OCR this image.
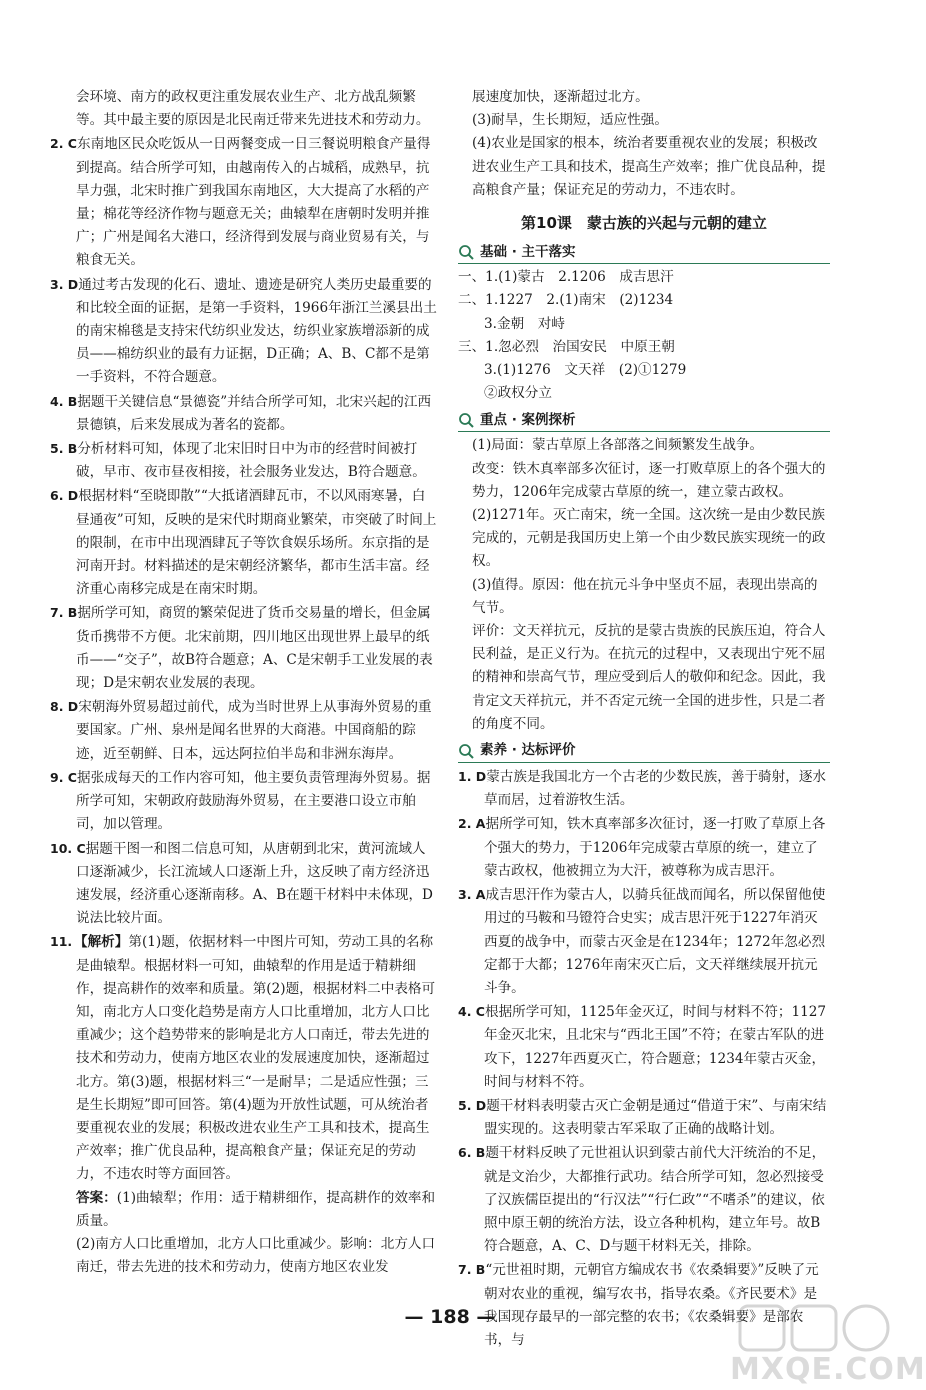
会环境、南方的政权更注重发展农业生产、北方战乱频繁等。其中最主要的原因是北民南迁带来先进技术和劳动力。

2. C东南地区民众吃饭从一日两餐变成一日三餐说明粮食产量得到提高。结合所学可知，由越南传入的占城稻，成熟早，抗旱力强，北宋时推广到我国东南地区，大大提高了水稻的产量；棉花等经济作物与题意无关；曲辕犁在唐朝时发明并推广；广州是闻名大港口，经济得到发展与商业贸易有关，与粮食无关。

3. D通过考古发现的化石、遗址、遗迹是研究人类历史最重要的和比较全面的证据，是第一手资料，1966年浙江兰溪县出土的南宋棉毯是支持宋代纺织业发达，纺织业家族增添新的成员——棉纺织业的最有力证据，D正确；A、B、C都不是第一手资料，不符合题意。

4. B据题干关键信息“景德瓷”并结合所学可知，北宋兴起的江西景德镇，后来发展成为著名的瓷都。

5. B分析材料可知，体现了北宋旧时日中为市的经营时间被打破，早市、夜市昼夜相接，社会服务业发达，B符合题意。

6. D根据材料“至晓即散”“大抵诸酒肆瓦市，不以风雨寒暑，白昼通夜”可知，反映的是宋代时期商业繁荣，市突破了时间上的限制，在市中出现酒肆瓦子等饮食娱乐场所。东京指的是河南开封。材料描述的是宋朝经济繁华，都市生活丰富。经济重心南移完成是在南宋时期。

7. B据所学可知，商贸的繁荣促进了货币交易量的增长，但金属货币携带不方便。北宋前期，四川地区出现世界上最早的纸币——“交子”，故B符合题意；A、C是宋朝手工业发展的表现；D是宋朝农业发展的表现。

8. D宋朝海外贸易超过前代，成为当时世界上从事海外贸易的重要国家。广州、泉州是闻名世界的大商港。中国商船的踪迹，近至朝鲜、日本，远达阿拉伯半岛和非洲东海岸。

9. C据张成每天的工作内容可知，他主要负责管理海外贸易。据所学可知，宋朝政府鼓励海外贸易，在主要港口设立市舶司，加以管理。

10. C据题干图一和图二信息可知，从唐朝到北宋，黄河流域人口逐渐减少，长江流域人口逐渐上升，这反映了南方经济迅速发展，经济重心逐渐南移。A、B在题干材料中未体现，D说法比较片面。

11. 【解析】第(1)题，依据材料一中图片可知，劳动工具的名称是曲辕犁。根据材料一可知，曲辕犁的作用是适于精耕细作，提高耕作的效率和质量。第(2)题，根据材料二中表格可知，南北方人口变化趋势是南方人口比重增加，北方人口比重减少；这个趋势带来的影响是北方人口南迁，带去先进的技术和劳动力，使南方地区农业的发展速度加快，逐渐超过北方。第(3)题，根据材料三“一是耐旱；二是适应性强；三是生长期短”即可回答。第(4)题为开放性试题，可从统治者要重视农业的发展；积极改进农业生产工具和技术，提高生产效率；推广优良品种，提高粮食产量；保证充足的劳动力，不违农时等方面回答。

答案：(1)曲辕犁；作用：适于精耕细作，提高耕作的效率和质量。

(2)南方人口比重增加，北方人口比重减少。影响：北方人口南迁，带去先进的技术和劳动力，使南方地区农业发

展速度加快，逐渐超过北方。

(3)耐旱，生长期短，适应性强。

(4)农业是国家的根本，统治者要重视农业的发展；积极改进农业生产工具和技术，提高生产效率；推广优良品种，提高粮食产量；保证充足的劳动力，不违农时。

第10课　蒙古族的兴起与元朝的建立
基础 · 主干落实

一、1.(1)蒙古　2.1206　成吉思汗

二、1.1227　2.(1)南宋　(2)1234

3.金朝　对峙

三、1.忽必烈　治国安民　中原王朝

3.(1)1276　文天祥　(2)①1279

②政权分立

重点 · 案例探析

(1)局面：蒙古草原上各部落之间频繁发生战争。

改变：铁木真率部多次征讨，逐一打败草原上的各个强大的势力，1206年完成蒙古草原的统一，建立蒙古政权。

(2)1271年。灭亡南宋，统一全国。这次统一是由少数民族完成的，元朝是我国历史上第一个由少数民族实现统一的政权。

(3)值得。原因：他在抗元斗争中坚贞不屈，表现出崇高的气节。

评价：文天祥抗元，反抗的是蒙古贵族的民族压迫，符合人民利益，是正义行为。在抗元的过程中，又表现出宁死不屈的精神和崇高气节，理应受到后人的敬仰和纪念。因此，我肯定文天祥抗元，并不否定元统一全国的进步性，只是二者的角度不同。

素养 · 达标评价

1. D蒙古族是我国北方一个古老的少数民族，善于骑射，逐水草而居，过着游牧生活。

2. A据所学可知，铁木真率部多次征讨，逐一打败了草原上各个强大的势力，于1206年完成蒙古草原的统一，建立了蒙古政权，他被拥立为大汗，被尊称为成吉思汗。

3. A成吉思汗作为蒙古人，以骑兵征战而闻名，所以保留他使用过的马鞍和马镫符合史实；成吉思汗死于1227年消灭西夏的战争中，而蒙古灭金是在1234年；1272年忽必烈定都于大都；1276年南宋灭亡后，文天祥继续展开抗元斗争。

4. C根据所学可知，1125年金灭辽，时间与材料不符；1127年金灭北宋，且北宋与“西北王国”不符；在蒙古军队的进攻下，1227年西夏灭亡，符合题意；1234年蒙古灭金，时间与材料不符。

5. D题干材料表明蒙古灭亡金朝是通过“借道于宋”、与南宋结盟实现的。这表明蒙古军采取了正确的战略计划。

6. B题干材料反映了元世祖认识到蒙古前代大汗统治的不足，就是文治少，大都推行武功。结合所学可知，忽必烈接受了汉族儒臣提出的“行汉法”“行仁政”“不嗜杀”的建议，依照中原王朝的统治方法，设立各种机构，建立年号。故B符合题意，A、C、D与题干材料无关，排除。

7. B“元世祖时期，元朝官方编成农书《农桑辑要》”反映了元朝对农业的重视，编写农书，指导农桑。《齐民要术》是我国现存最早的一部完整的农书；《农桑辑要》是部农书，与

— 188 —
MXQE.COM
